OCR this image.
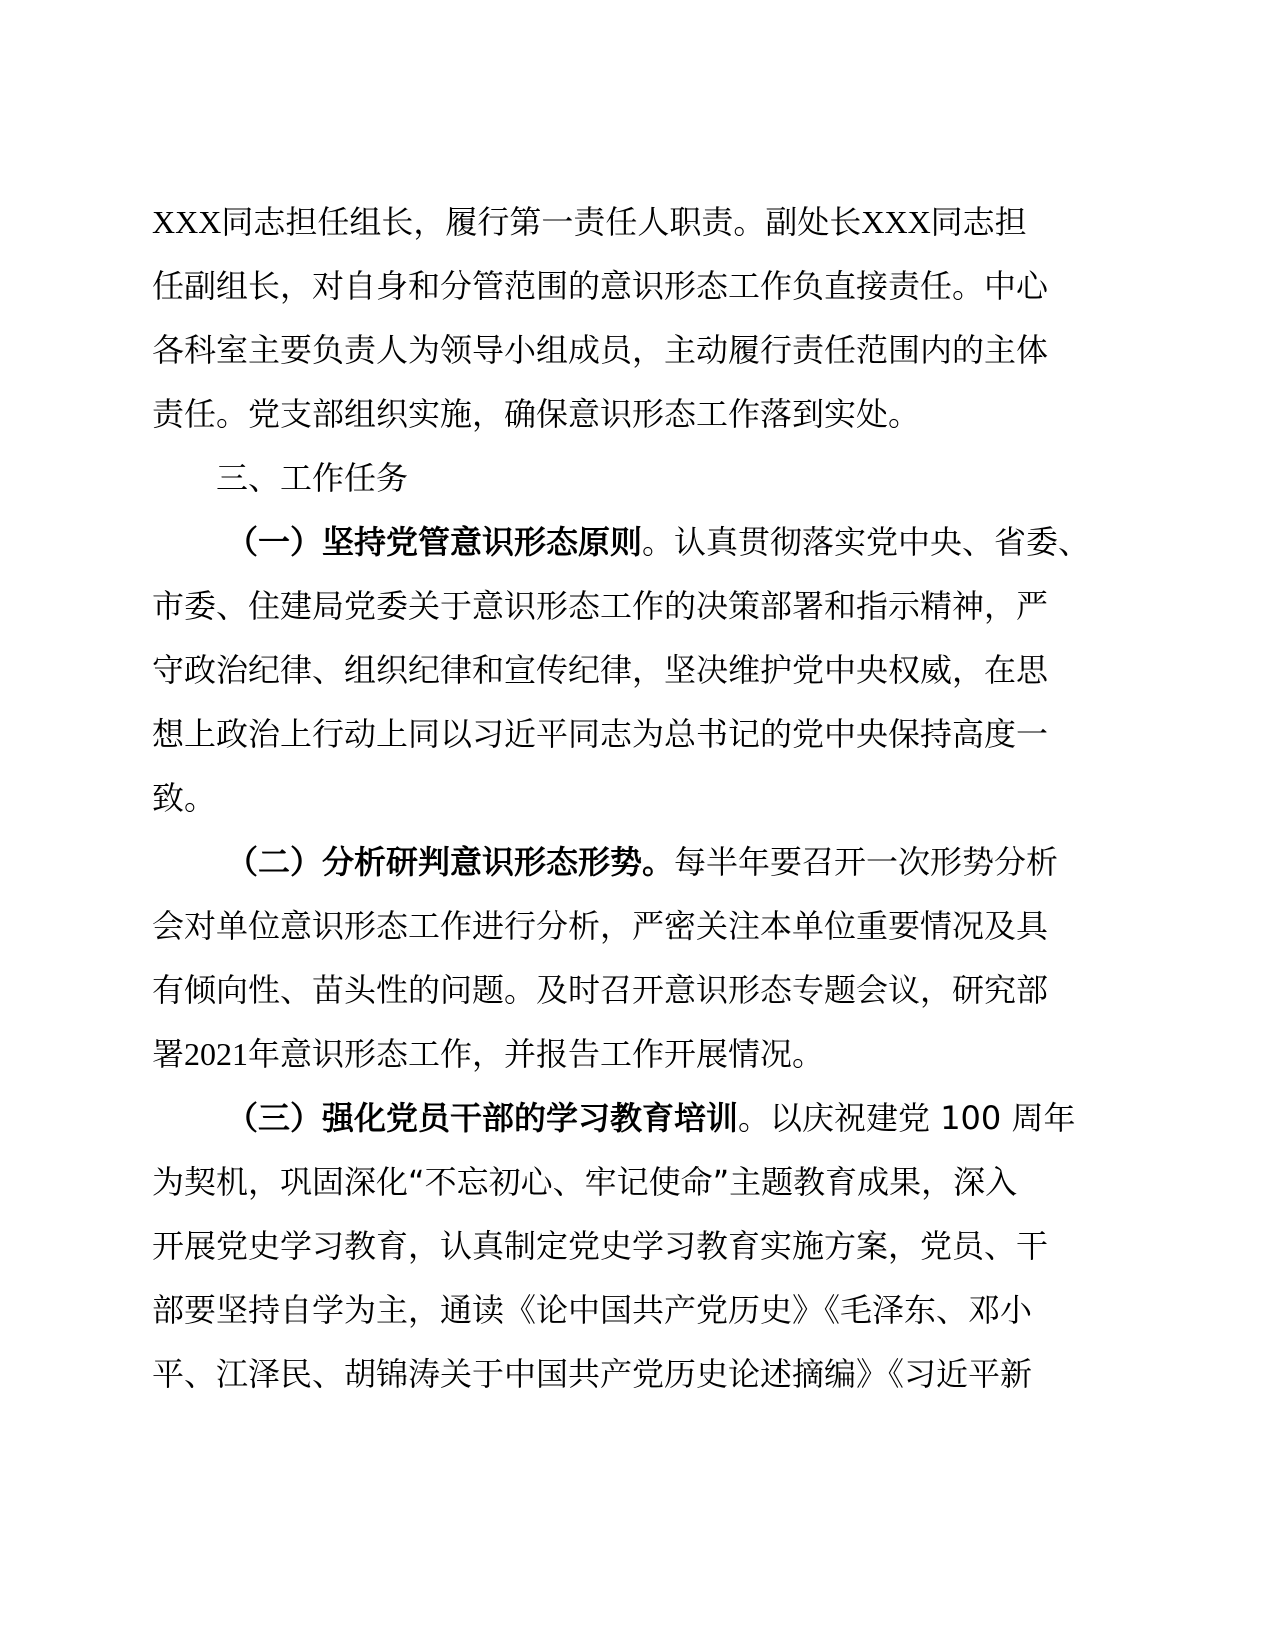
XXX同志担任组长，履行第一责任人职责。副处长XXX同志担
任副组长，对自身和分管范围的意识形态工作负直接责任。中心
各科室主要负责人为领导小组成员，主动履行责任范围内的主体
责任。党支部组织实施，确保意识形态工作落到实处。
三、工作任务
（一）坚持党管意识形态原则。认真贯彻落实党中央、省委、
市委、住建局党委关于意识形态工作的决策部署和指示精神，严
守政治纪律、组织纪律和宣传纪律，坚决维护党中央权威，在思
想上政治上行动上同以习近平同志为总书记的党中央保持高度一
致。
（二）分析研判意识形态形势。每半年要召开一次形势分析
会对单位意识形态工作进行分析，严密关注本单位重要情况及具
有倾向性、苗头性的问题。及时召开意识形态专题会议，研究部
署2021年意识形态工作，并报告工作开展情况。
（三）强化党员干部的学习教育培训。以庆祝建党 100 周年
为契机，巩固深化“不忘初心、牢记使命”主题教育成果，深入
开展党史学习教育，认真制定党史学习教育实施方案，党员、干
部要坚持自学为主，通读《论中国共产党历史》《毛泽东、邓小
平、江泽民、胡锦涛关于中国共产党历史论述摘编》《习近平新
